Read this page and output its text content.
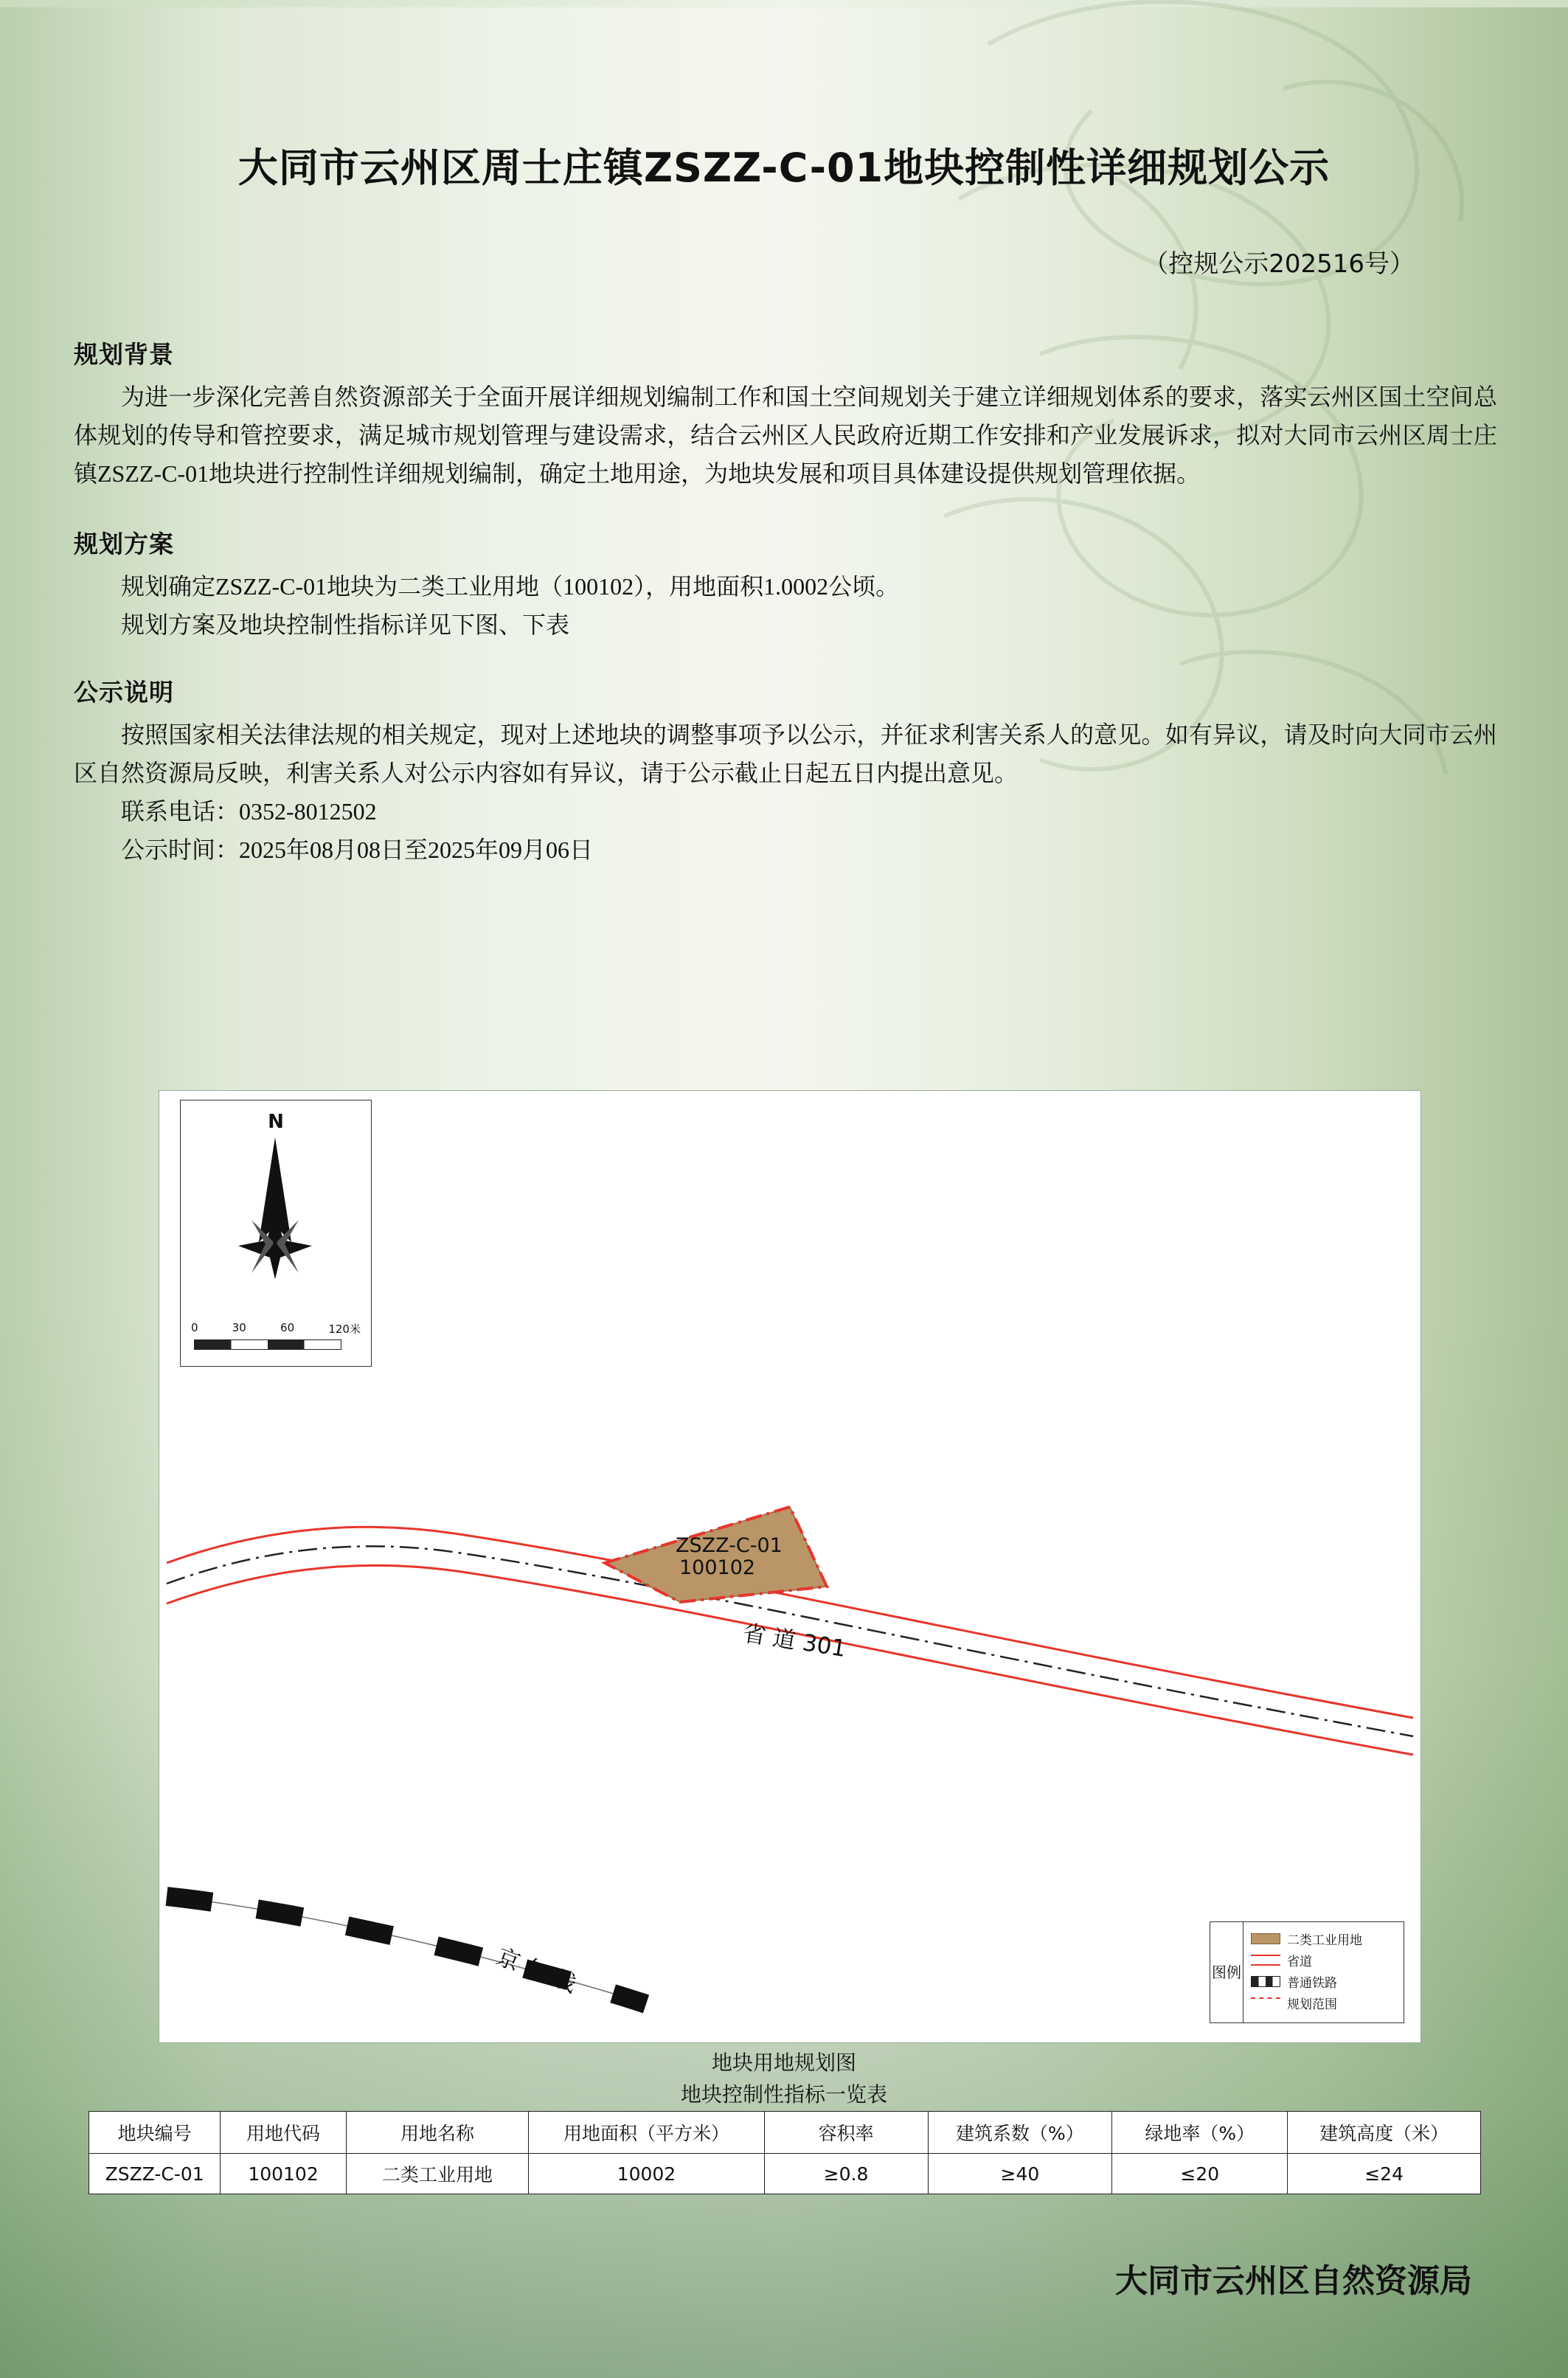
大同市云州区周士庄镇ZSZZ-C-01地块控制性详细规划公示
（控规公示202516号）
规划背景

为进一步深化完善自然资源部关于全面开展详细规划编制工作和国土空间规划关于建立详细规划体系的要求，落实云州区国土空间总体规划的传导和管控要求，满足城市规划管理与建设需求，结合云州区人民政府近期工作安排和产业发展诉求，拟对大同市云州区周士庄镇ZSZZ-C-01地块进行控制性详细规划编制，确定土地用途，为地块发展和项目具体建设提供规划管理依据。

规划方案

规划确定ZSZZ-C-01地块为二类工业用地（100102），用地面积1.0002公顷。

规划方案及地块控制性指标详见下图、下表

公示说明

按照国家相关法律法规的相关规定，现对上述地块的调整事项予以公示，并征求利害关系人的意见。如有异议，请及时向大同市云州区自然资源局反映，利害关系人对公示内容如有异议，请于公示截止日起五日内提出意见。

联系电话：0352-8012502

公示时间：2025年08月08日至2025年09月06日

ZSZZ-C-01
100102
省 道 301
京 包 线
N
0	30	60	120米
图例
二类工业用地
省道
普通铁路
规划范围
地块用地规划图
地块控制性指标一览表
地块编号	用地代码	用地名称	用地面积（平方米）	容积率	建筑系数（%）	绿地率（%）	建筑高度（米）
ZSZZ-C-01	100102	二类工业用地	10002	≥0.8	≥40	≤20	≤24
大同市云州区自然资源局
